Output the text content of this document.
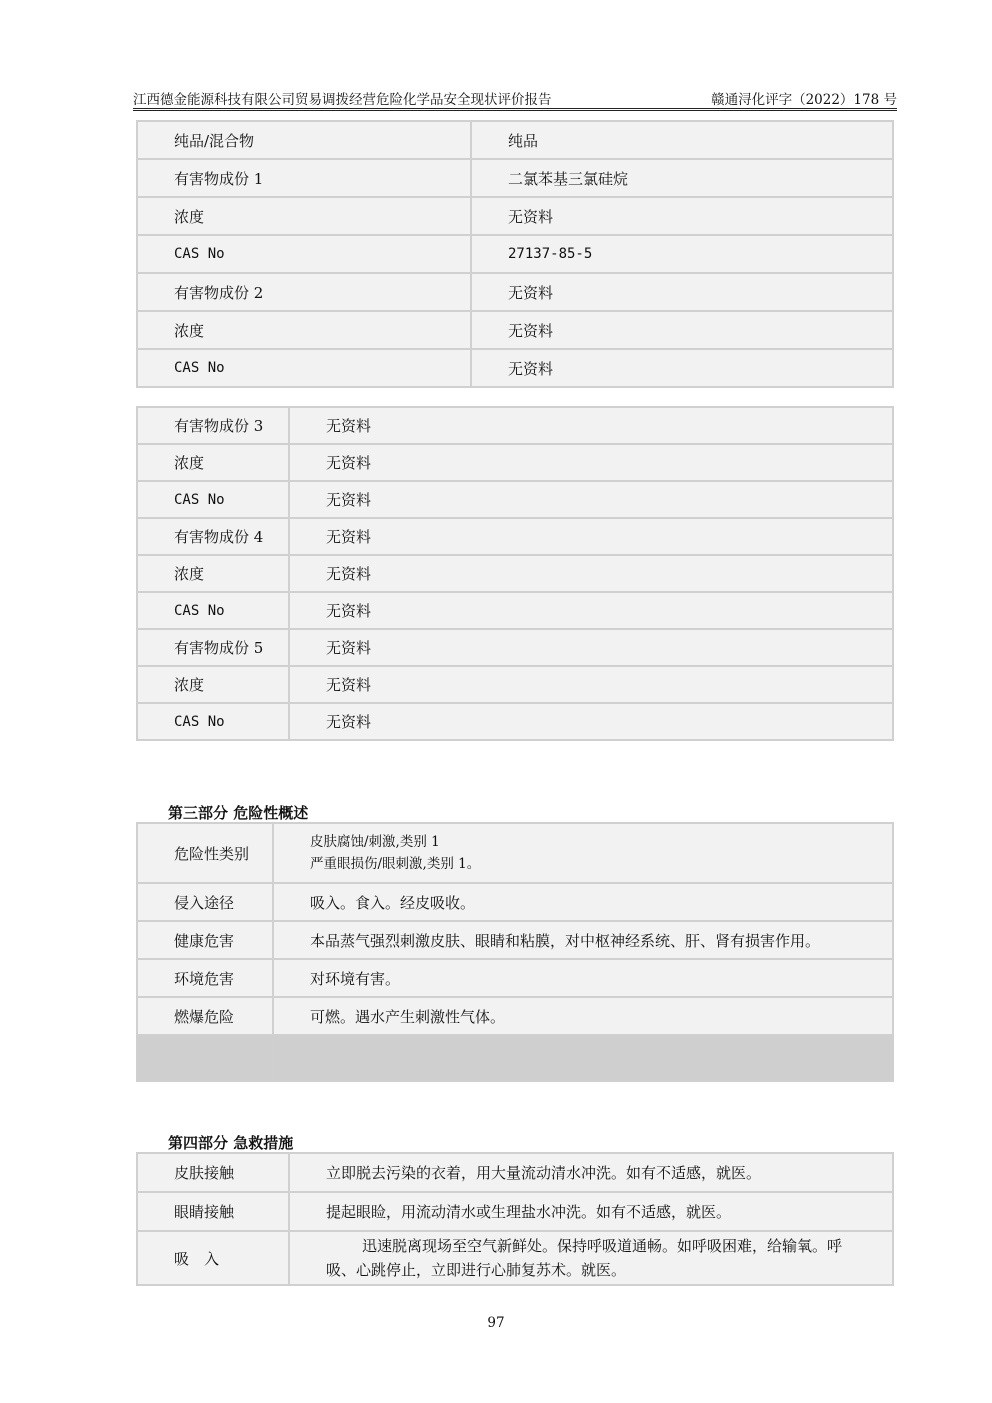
江西德金能源科技有限公司贸易调拨经营危险化学品安全现状评价报告	赣通浔化评字（2022）178 号
纯品/混合物	纯品
有害物成份 1	二氯苯基三氯硅烷
浓度	无资料
CAS No	27137-85-5
有害物成份 2	无资料
浓度	无资料
CAS No	无资料
有害物成份 3	无资料
浓度	无资料
CAS No	无资料
有害物成份 4	无资料
浓度	无资料
CAS No	无资料
有害物成份 5	无资料
浓度	无资料
CAS No	无资料
第三部分 危险性概述
危险性类别	皮肤腐蚀/刺激,类别 1
严重眼损伤/眼刺激,类别 1。

侵入途径	吸入。食入。经皮吸收。
健康危害	本品蒸气强烈刺激皮肤、眼睛和粘膜，对中枢神经系统、肝、肾有损害作用。
环境危害	对环境有害。
燃爆危险	可燃。遇水产生刺激性气体。

第四部分 急救措施
皮肤接触	立即脱去污染的衣着，用大量流动清水冲洗。如有不适感，就医。
眼睛接触	提起眼睑，用流动清水或生理盐水冲洗。如有不适感，就医。
吸　入	迅速脱离现场至空气新鲜处。保持呼吸道通畅。如呼吸困难，给输氧。呼
吸、心跳停止，立即进行心肺复苏术。就医。
97
